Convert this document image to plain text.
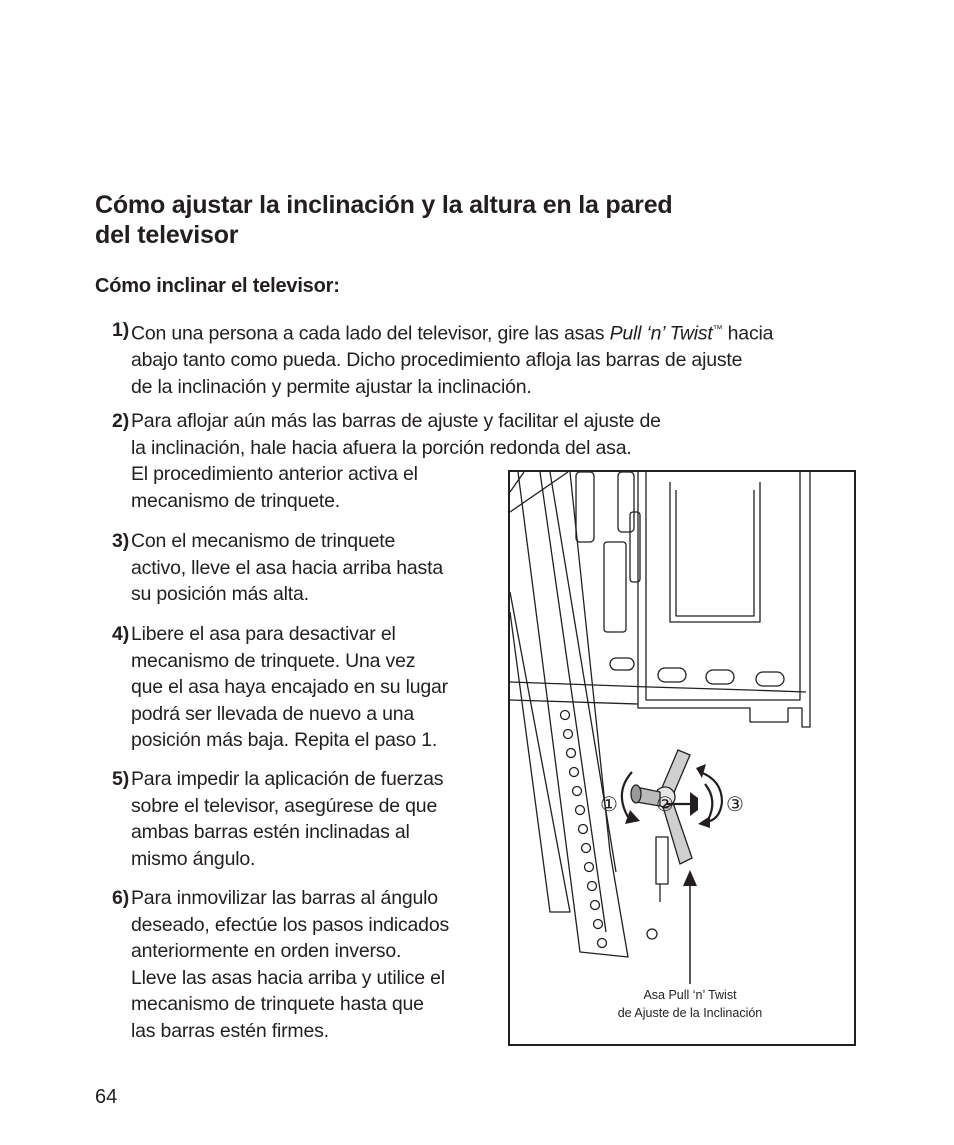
Cómo ajustar la inclinación y la altura en la pared
del televisor
Cómo inclinar el televisor:
1) Con una persona a cada lado del televisor, gire las asas Pull ‘n’ Twist™ hacia
abajo tanto como pueda. Dicho procedimiento afloja las barras de ajuste
de la inclinación y permite ajustar la inclinación.
2) Para aflojar aún más las barras de ajuste y facilitar el ajuste de
la inclinación, hale hacia afuera la porción redonda del asa.
El procedimiento anterior activa el
mecanismo de trinquete.
3) Con el mecanismo de trinquete
activo, lleve el asa hacia arriba hasta
su posición más alta.
4) Libere el asa para desactivar el
mecanismo de trinquete. Una vez
que el asa haya encajado en su lugar
podrá ser llevada de nuevo a una
posición más baja. Repita el paso 1.
5) Para impedir la aplicación de fuerzas
sobre el televisor, asegúrese de que
ambas barras estén inclinadas al
mismo ángulo.
6) Para inmovilizar las barras al ángulo
deseado, efectúe los pasos indicados
anteriormente en orden inverso.
Lleve las asas hacia arriba y utilice el
mecanismo de trinquete hasta que
las barras estén firmes.
① ②	③
Asa Pull ‘n’ Twist
de Ajuste de la Inclinación
64
